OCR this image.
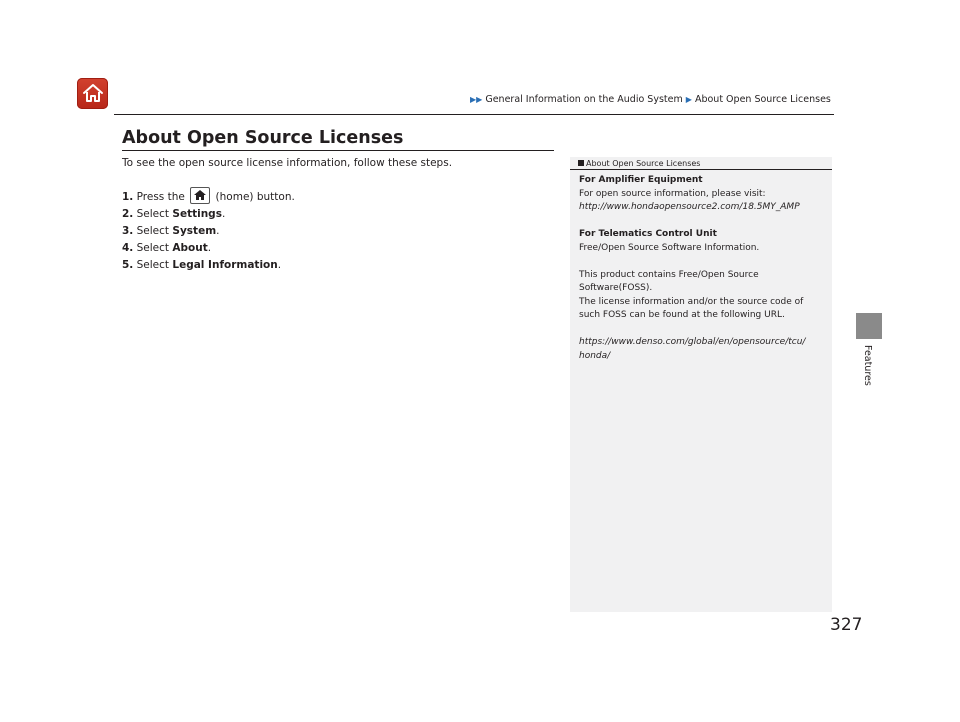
▶▶ General Information on the Audio System ▶ About Open Source Licenses
Features
About Open Source Licenses
To see the open source license information, follow these steps.
1. Press the	(home) button.
2. Select Settings.
3. Select System.
4. Select About.
5. Select Legal Information.
About Open Source Licenses

For Amplifier Equipment

For open source information, please visit:

http://www.hondaopensource2.com/18.5MY_AMP

For Telematics Control Unit

Free/Open Source Software Information.

This product contains Free/Open Source

Software(FOSS).

The license information and/or the source code of

such FOSS can be found at the following URL.

https://www.denso.com/global/en/opensource/tcu/

honda/

327
